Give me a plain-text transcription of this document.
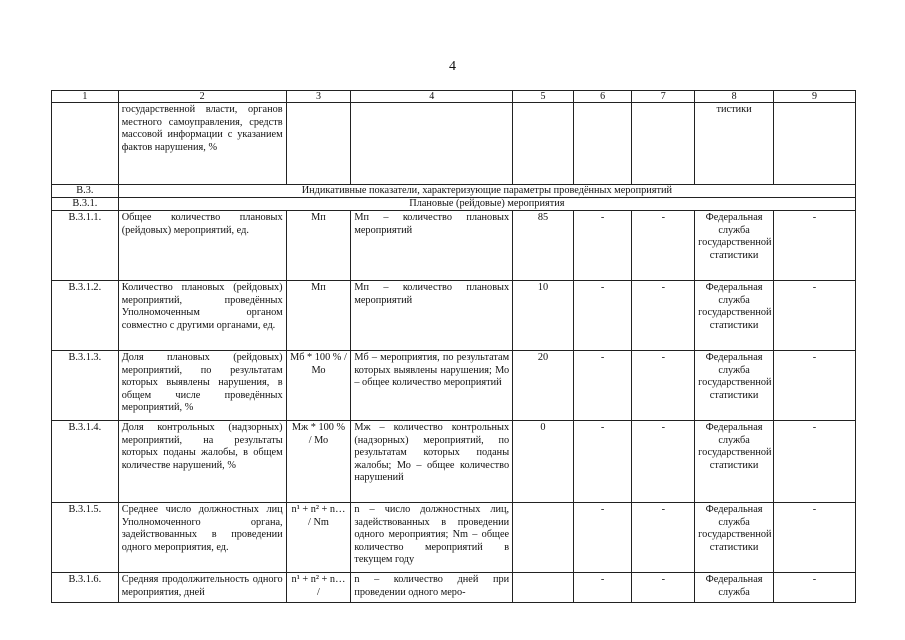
4
1	2	3	4	5	6	7	8	9
	государственной власти, органов местного самоуправления, средств массовой информации с указанием фактов нарушения, %						тистики	
В.3.	Индикативные показатели, характеризующие параметры проведённых мероприятий							
В.3.1.	Плановые (рейдовые) мероприятия							
В.3.1.1.	Общее количество плановых (рейдовых) мероприятий, ед.	Мп	Мп – количество плановых мероприятий	85	-	-	Федеральная служба государственной статистики	-
В.3.1.2.	Количество плановых (рейдовых) мероприятий, проведённых Уполномоченным органом совместно с другими органами, ед.	Мп	Мп – количество плановых мероприятий	10	-	-	Федеральная служба государственной статистики	-
В.3.1.3.	Доля плановых (рейдовых) мероприятий, по результатам которых выявлены нарушения, в общем числе проведённых мероприятий, %	Мб * 100 % / Мо	Мб – мероприятия, по результатам которых выявлены нарушения; Мо – общее количество мероприятий	20	-	-	Федеральная служба государственной статистики	-
В.3.1.4.	Доля контрольных (надзорных) мероприятий, на результаты которых поданы жалобы, в общем количестве нарушений, %	Мж * 100 % / Мо	Мж – количество контрольных (надзорных) мероприятий, по результатам которых поданы жалобы; Мо – общее количество нарушений	0	-	-	Федеральная служба государственной статистики	-
В.3.1.5.	Среднее число должностных лиц Уполномоченного органа, задействованных в проведении одного мероприятия, ед.	n¹ + n² + n… / Nm	n – число должностных лиц, задействованных в проведении одного мероприятия; Nm – общее количество мероприятий в текущем году		-	-	Федеральная служба государственной статистики	-
В.3.1.6.	Средняя продолжительность одного мероприятия, дней	n¹ + n² + n… /	n – количество дней при проведении одного меро-		-	-	Федеральная служба	-
